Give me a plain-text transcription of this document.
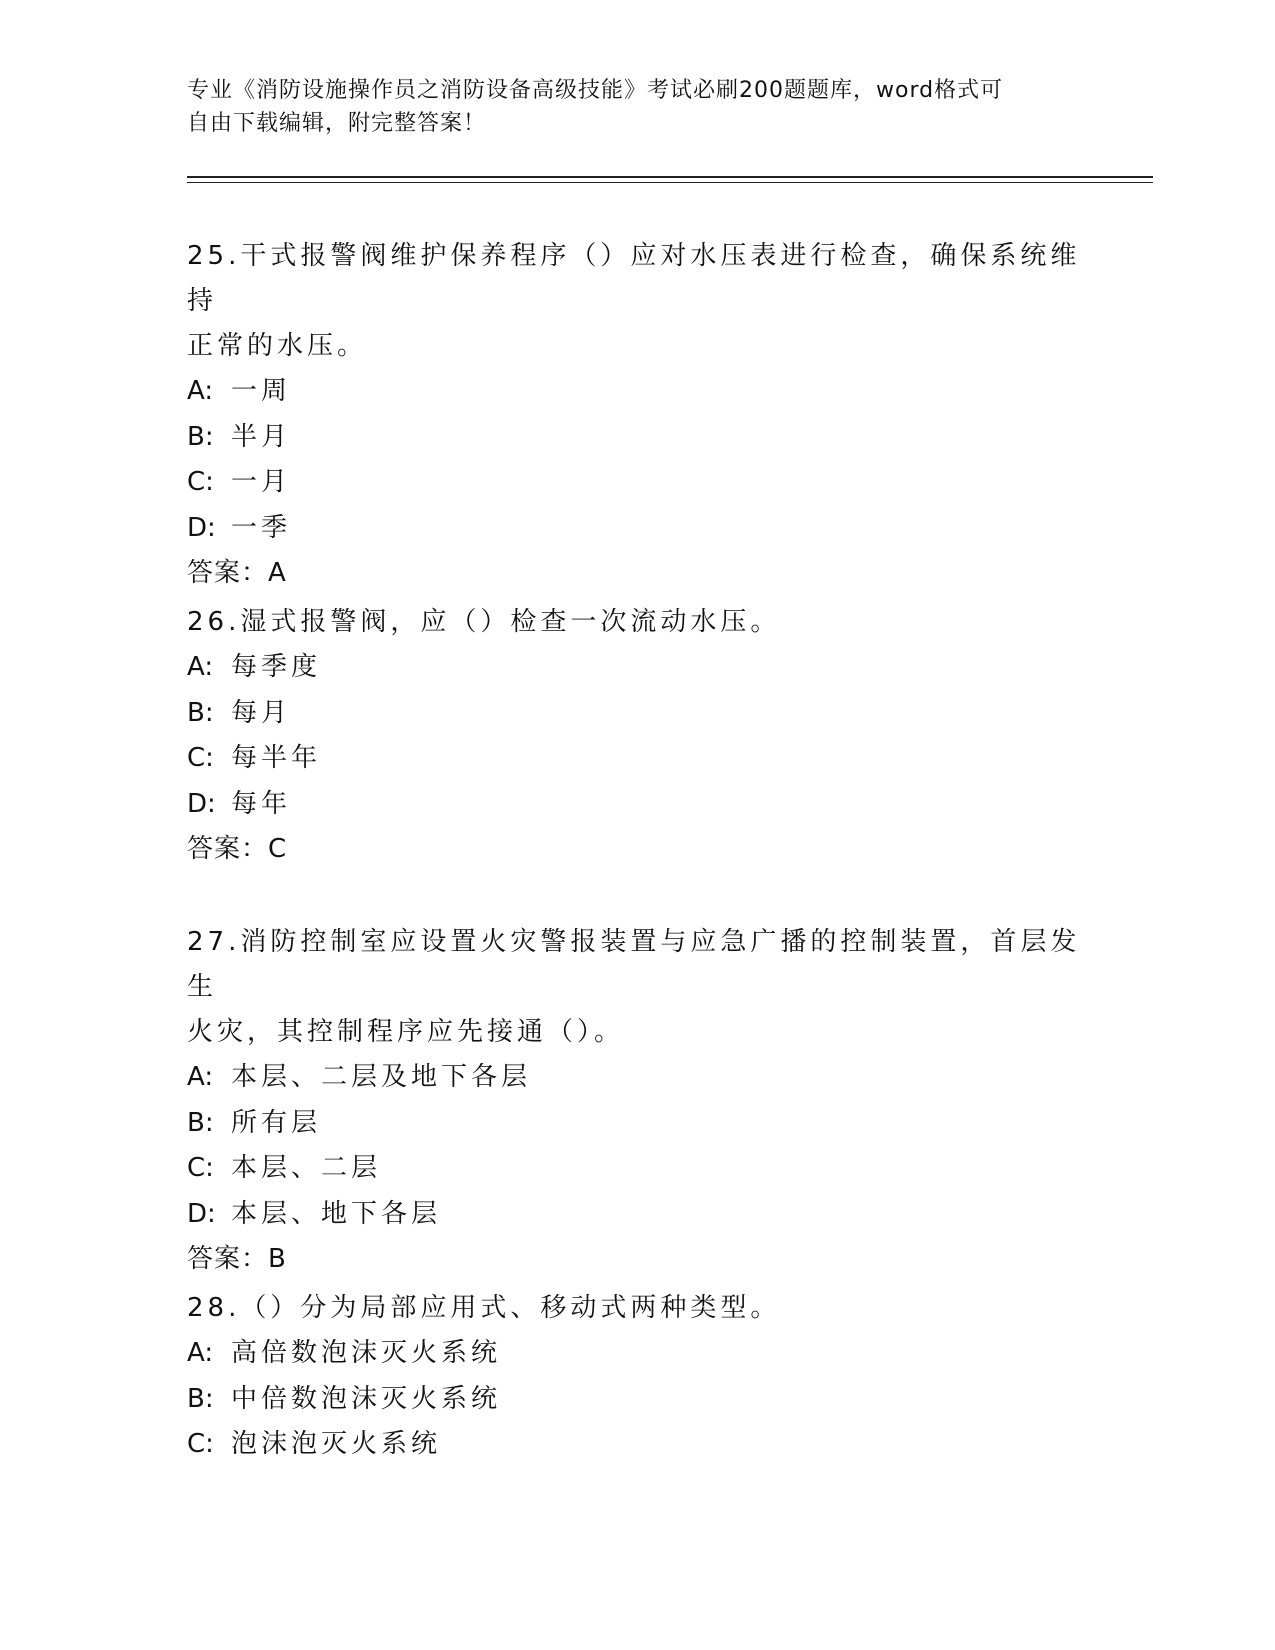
专业《消防设施操作员之消防设备高级技能》考试必刷200题题库，word格式可
自由下载编辑，附完整答案！

25.干式报警阀维护保养程序（）应对水压表进行检查，确保系统维持
正常的水压。

A: 一周

B: 半月

C: 一月

D: 一季

答案：A

26.湿式报警阀，应（）检查一次流动水压。

A: 每季度

B: 每月

C: 每半年

D: 每年

答案：C

27.消防控制室应设置火灾警报装置与应急广播的控制装置，首层发生
火灾，其控制程序应先接通（）。

A: 本层、二层及地下各层

B: 所有层

C: 本层、二层

D: 本层、地下各层

答案：B

28.（）分为局部应用式、移动式两种类型。

A: 高倍数泡沫灭火系统

B: 中倍数泡沫灭火系统

C: 泡沫泡灭火系统
